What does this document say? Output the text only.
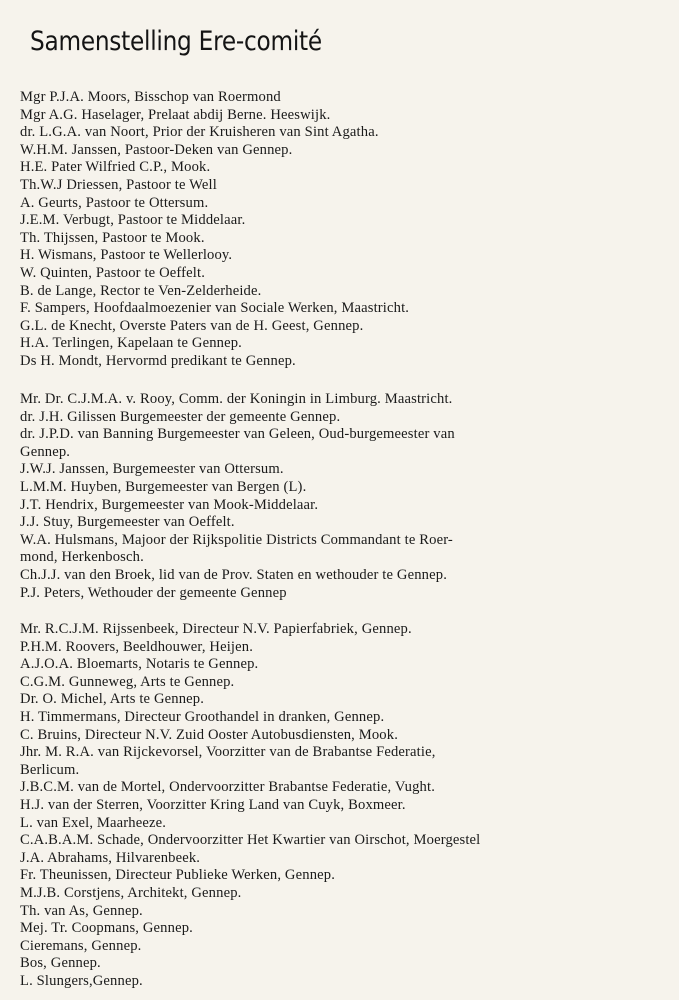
Samenstelling Ere-comité
Mgr P.J.A. Moors, Bisschop van Roermond
Mgr A.G. Haselager, Prelaat abdij Berne. Heeswijk.
dr. L.G.A. van Noort, Prior der Kruisheren van Sint Agatha.
W.H.M. Janssen, Pastoor-Deken van Gennep.
H.E. Pater Wilfried C.P., Mook.
Th.W.J Driessen, Pastoor te Well
A. Geurts, Pastoor te Ottersum.
J.E.M. Verbugt, Pastoor te Middelaar.
Th. Thijssen, Pastoor te Mook.
H. Wismans, Pastoor te Wellerlooy.
W. Quinten, Pastoor te Oeffelt.
B. de Lange, Rector te Ven-Zelderheide.
F. Sampers, Hoofdaalmoezenier van Sociale Werken, Maastricht.
G.L. de Knecht, Overste Paters van de H. Geest, Gennep.
H.A. Terlingen, Kapelaan te Gennep.
Ds H. Mondt, Hervormd predikant te Gennep.
Mr. Dr. C.J.M.A. v. Rooy, Comm. der Koningin in Limburg. Maastricht.
dr. J.H. Gilissen Burgemeester der gemeente Gennep.
dr. J.P.D. van Banning Burgemeester van Geleen, Oud-burgemeester van
Gennep.
J.W.J. Janssen, Burgemeester van Ottersum.
L.M.M. Huyben, Burgemeester van Bergen (L).
J.T. Hendrix, Burgemeester van Mook-Middelaar.
J.J. Stuy, Burgemeester van Oeffelt.
W.A. Hulsmans, Majoor der Rijkspolitie Districts Commandant te Roer-
mond, Herkenbosch.
Ch.J.J. van den Broek, lid van de Prov. Staten en wethouder te Gennep.
P.J. Peters, Wethouder der gemeente Gennep
Mr. R.C.J.M. Rijssenbeek, Directeur N.V. Papierfabriek, Gennep.
P.H.M. Roovers, Beeldhouwer, Heijen.
A.J.O.A. Bloemarts, Notaris te Gennep.
C.G.M. Gunneweg, Arts te Gennep.
Dr. O. Michel, Arts te Gennep.
H. Timmermans, Directeur Groothandel in dranken, Gennep.
C. Bruins, Directeur N.V. Zuid Ooster Autobusdiensten, Mook.
Jhr. M. R.A. van Rijckevorsel, Voorzitter van de Brabantse Federatie,
Berlicum.
J.B.C.M. van de Mortel, Ondervoorzitter Brabantse Federatie, Vught.
H.J. van der Sterren, Voorzitter Kring Land van Cuyk, Boxmeer.
L. van Exel, Maarheeze.
C.A.B.A.M. Schade, Ondervoorzitter Het Kwartier van Oirschot, Moergestel
J.A. Abrahams, Hilvarenbeek.
Fr. Theunissen, Directeur Publieke Werken, Gennep.
M.J.B. Corstjens, Architekt, Gennep.
Th. van As, Gennep.
Mej. Tr. Coopmans, Gennep.
Cieremans, Gennep.
Bos, Gennep.
L. Slungers,Gennep.
